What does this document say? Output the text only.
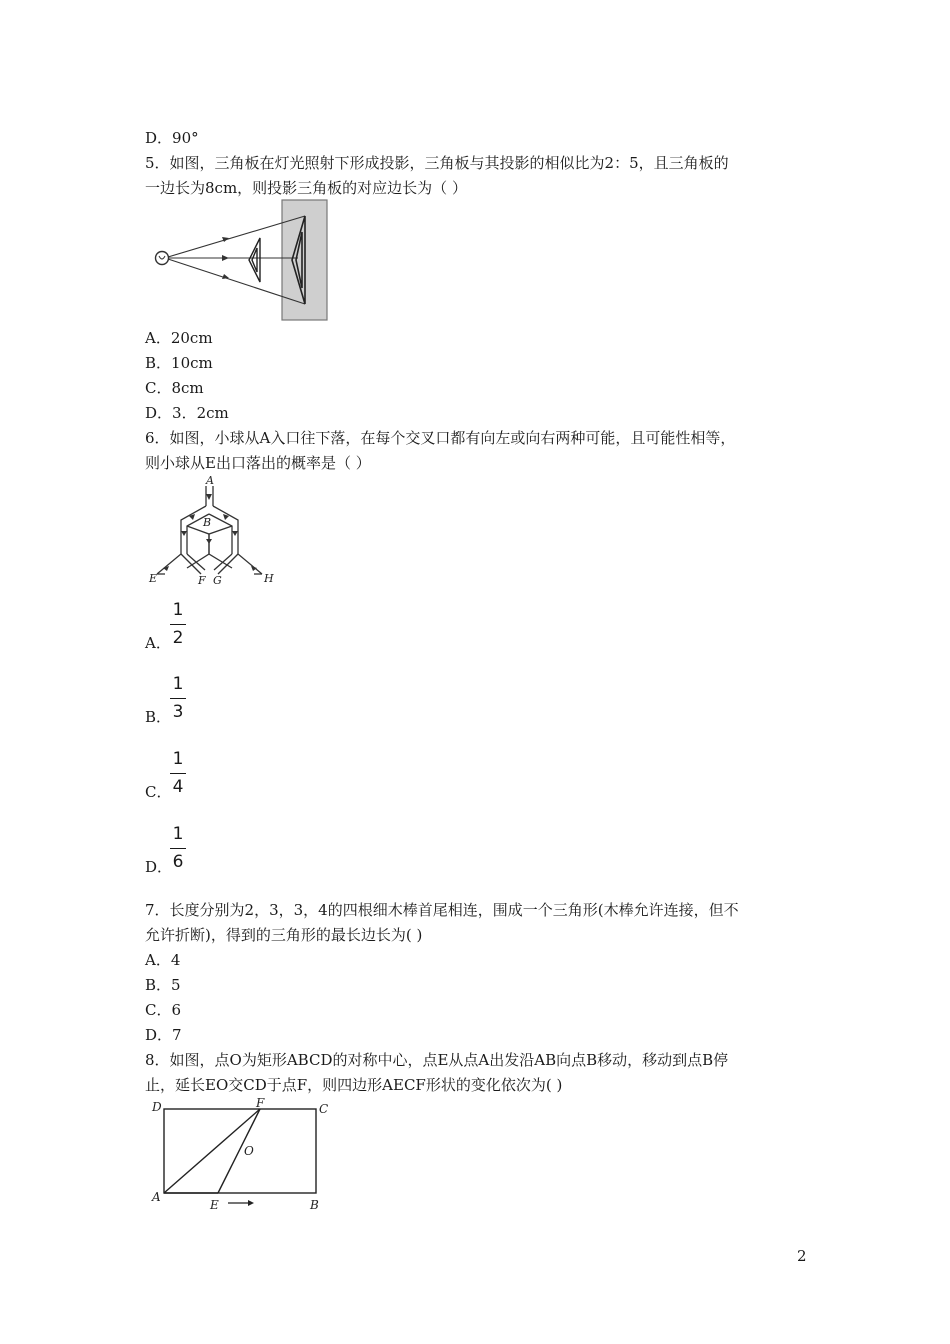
D．90°
5．如图，三角板在灯光照射下形成投影，三角板与其投影的相似比为2：5，且三角板的
一边长为8cm，则投影三角板的对应边长为（ ）
A．20cm
B．10cm
C．8cm
D．3．2cm
6．如图，小球从A入口往下落，在每个交叉口都有向左或向右两种可能，且可能性相等，
则小球从E出口落出的概率是（ ）
A
B
E	F G	H
A．
1
2
B．
1
3
C．
1
4
D．
1
6
7．长度分别为2，3，3，4的四根细木棒首尾相连，围成一个三角形(木棒允许连接，但不
允许折断)，得到的三角形的最长边长为( )
A．4
B．5
C．6
D．7
8．如图，点O为矩形ABCD的对称中心，点E从点A出发沿AB向点B移动，移动到点B停
止，延长EO交CD于点F，则四边形AECF形状的变化依次为( )
D	F	C
O
A
E	B
2
